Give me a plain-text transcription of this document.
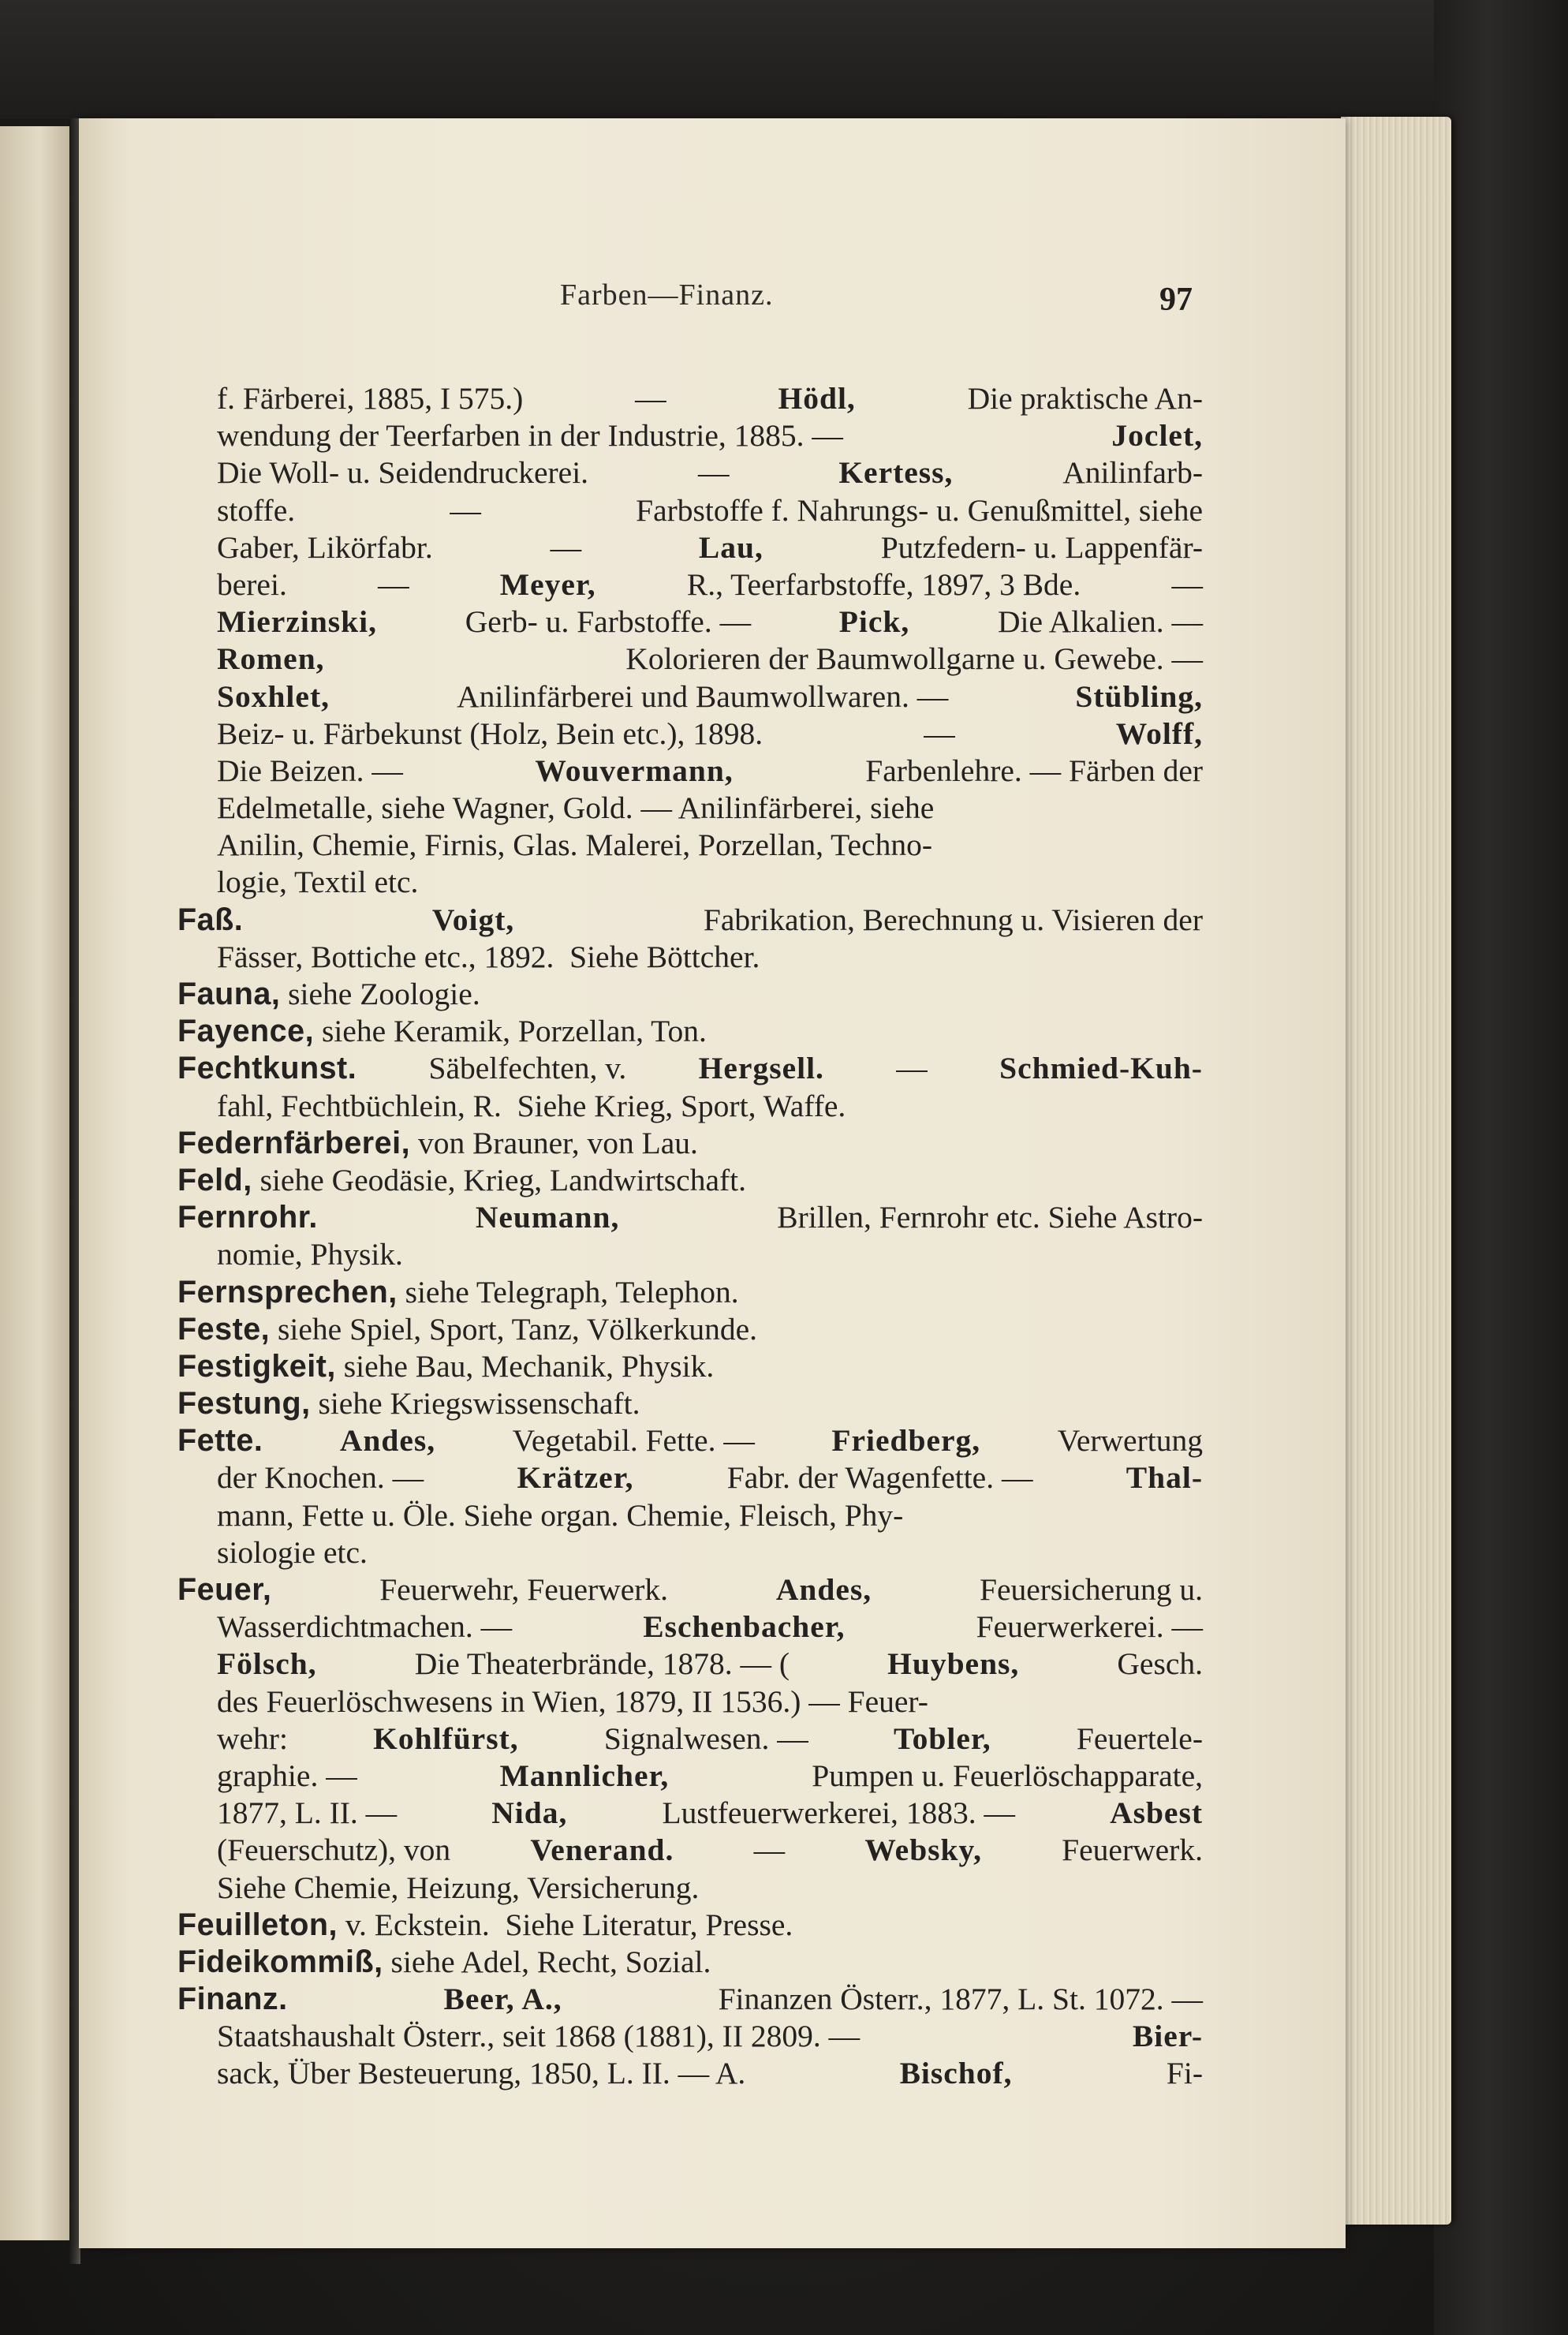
Farben—Finanz.	97
f. Färberei, 1885, I 575.)	—	Hödl,	Die praktische An-
wendung der Teerfarben in der Industrie, 1885. —	Joclet,
Die Woll- u. Seidendruckerei.	—	Kertess,	Anilinfarb-
stoffe.	—	Farbstoffe f. Nahrungs- u. Genußmittel, siehe
Gaber, Likörfabr.	—	Lau,	Putzfedern- u. Lappenfär-
berei.	—	Meyer,	R., Teerfarbstoffe, 1897, 3 Bde.	—
Mierzinski,	Gerb- u. Farbstoffe. —	Pick,	Die Alkalien. —
Romen,	Kolorieren der Baumwollgarne u. Gewebe. —
Soxhlet,	Anilinfärberei und Baumwollwaren. —	Stübling,
Beiz- u. Färbekunst (Holz, Bein etc.), 1898.	—	Wolff,
Die Beizen. —	Wouvermann,	Farbenlehre. — Färben der
Edelmetalle, siehe Wagner, Gold. — Anilinfärberei, siehe
Anilin, Chemie, Firnis, Glas. Malerei, Porzellan, Techno-
logie, Textil etc.
Faß.	Voigt,	Fabrikation, Berechnung u. Visieren der
Fässer, Bottiche etc., 1892.  Siehe Böttcher.
Fauna, siehe Zoologie.
Fayence, siehe Keramik, Porzellan, Ton.
Fechtkunst. Säbelfechten, v. Hergsell. — Schmied-Kuh-
fahl, Fechtbüchlein, R.  Siehe Krieg, Sport, Waffe.
Federnfärberei, von Brauner, von Lau.
Feld, siehe Geodäsie, Krieg, Landwirtschaft.
Fernrohr.	Neumann,	Brillen, Fernrohr etc. Siehe Astro-
nomie, Physik.
Fernsprechen, siehe Telegraph, Telephon.
Feste, siehe Spiel, Sport, Tanz, Völkerkunde.
Festigkeit, siehe Bau, Mechanik, Physik.
Festung, siehe Kriegswissenschaft.
Fette. Andes, Vegetabil. Fette. — Friedberg, Verwertung
der Knochen. —	Krätzer,	Fabr. der Wagenfette. —	Thal-
mann, Fette u. Öle. Siehe organ. Chemie, Fleisch, Phy-
siologie etc.
Feuer,	Feuerwehr, Feuerwerk.	Andes,	Feuersicherung u.
Wasserdichtmachen. —	Eschenbacher,	Feuerwerkerei. —
Fölsch,	Die Theaterbrände, 1878. — (	Huybens,	Gesch.
des Feuerlöschwesens in Wien, 1879, II 1536.) — Feuer-
wehr:	Kohlfürst,	Signalwesen. —	Tobler,	Feuertele-
graphie. —	Mannlicher,	Pumpen u. Feuerlöschapparate,
1877, L. II. —	Nida,	Lustfeuerwerkerei, 1883. —	Asbest
(Feuerschutz), von	Venerand.	—	Websky,	Feuerwerk.
Siehe Chemie, Heizung, Versicherung.
Feuilleton, v. Eckstein.  Siehe Literatur, Presse.
Fideikommiß, siehe Adel, Recht, Sozial.
Finanz.	Beer, A.,	Finanzen Österr., 1877, L. St. 1072. —
Staatshaushalt Österr., seit 1868 (1881), II 2809. —	Bier-
sack, Über Besteuerung, 1850, L. II. — A.	Bischof,	Fi-
